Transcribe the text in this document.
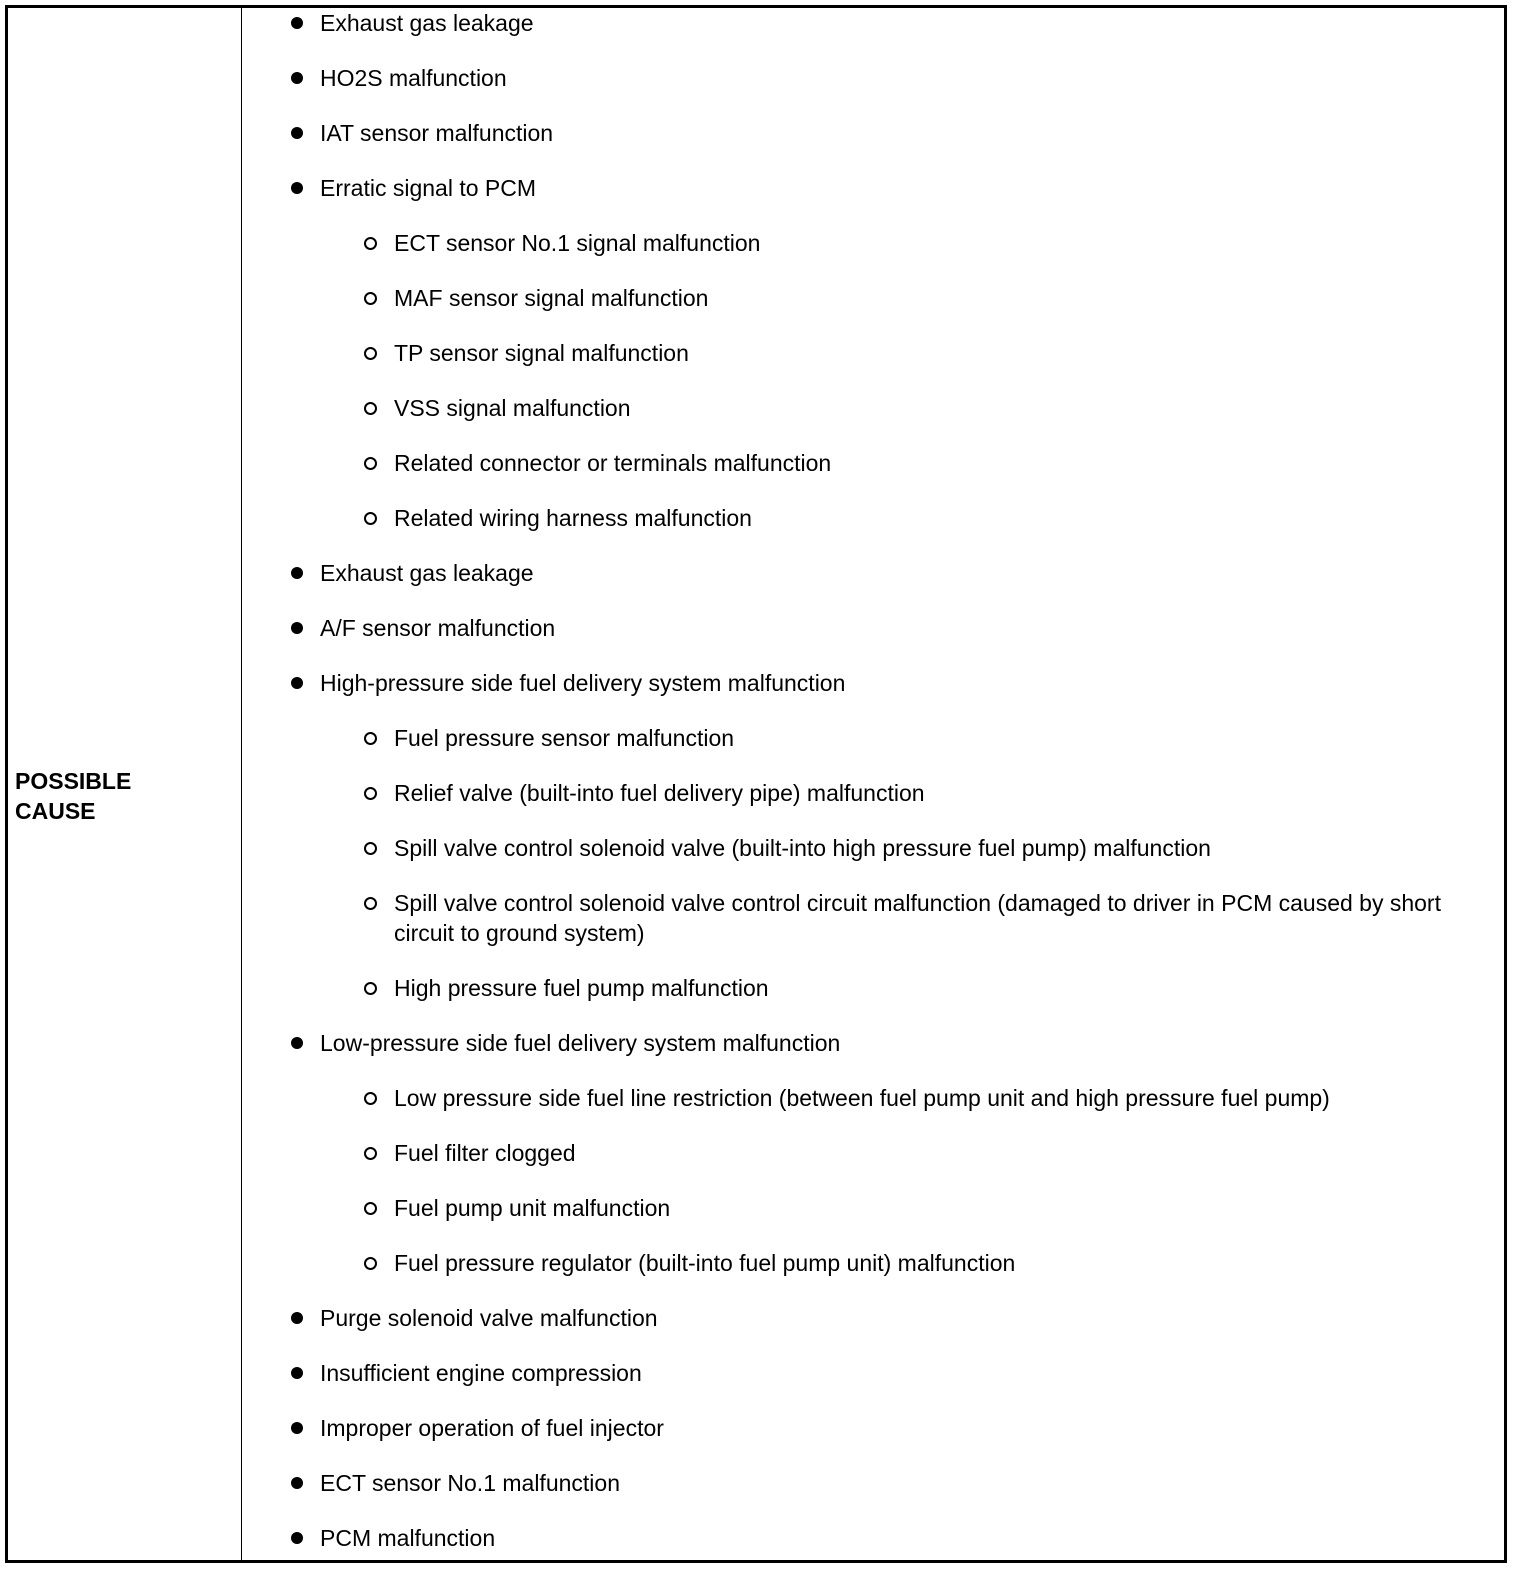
POSSIBLE
CAUSE
Exhaust gas leakage
HO2S malfunction
IAT sensor malfunction
Erratic signal to PCM
ECT sensor No.1 signal malfunction
MAF sensor signal malfunction
TP sensor signal malfunction
VSS signal malfunction
Related connector or terminals malfunction
Related wiring harness malfunction
Exhaust gas leakage
A/F sensor malfunction
High-pressure side fuel delivery system malfunction
Fuel pressure sensor malfunction
Relief valve (built-into fuel delivery pipe) malfunction
Spill valve control solenoid valve (built-into high pressure fuel pump) malfunction
Spill valve control solenoid valve control circuit malfunction (damaged to driver in PCM caused by short circuit to ground system)
High pressure fuel pump malfunction
Low-pressure side fuel delivery system malfunction
Low pressure side fuel line restriction (between fuel pump unit and high pressure fuel pump)
Fuel filter clogged
Fuel pump unit malfunction
Fuel pressure regulator (built-into fuel pump unit) malfunction
Purge solenoid valve malfunction
Insufficient engine compression
Improper operation of fuel injector
ECT sensor No.1 malfunction
PCM malfunction
